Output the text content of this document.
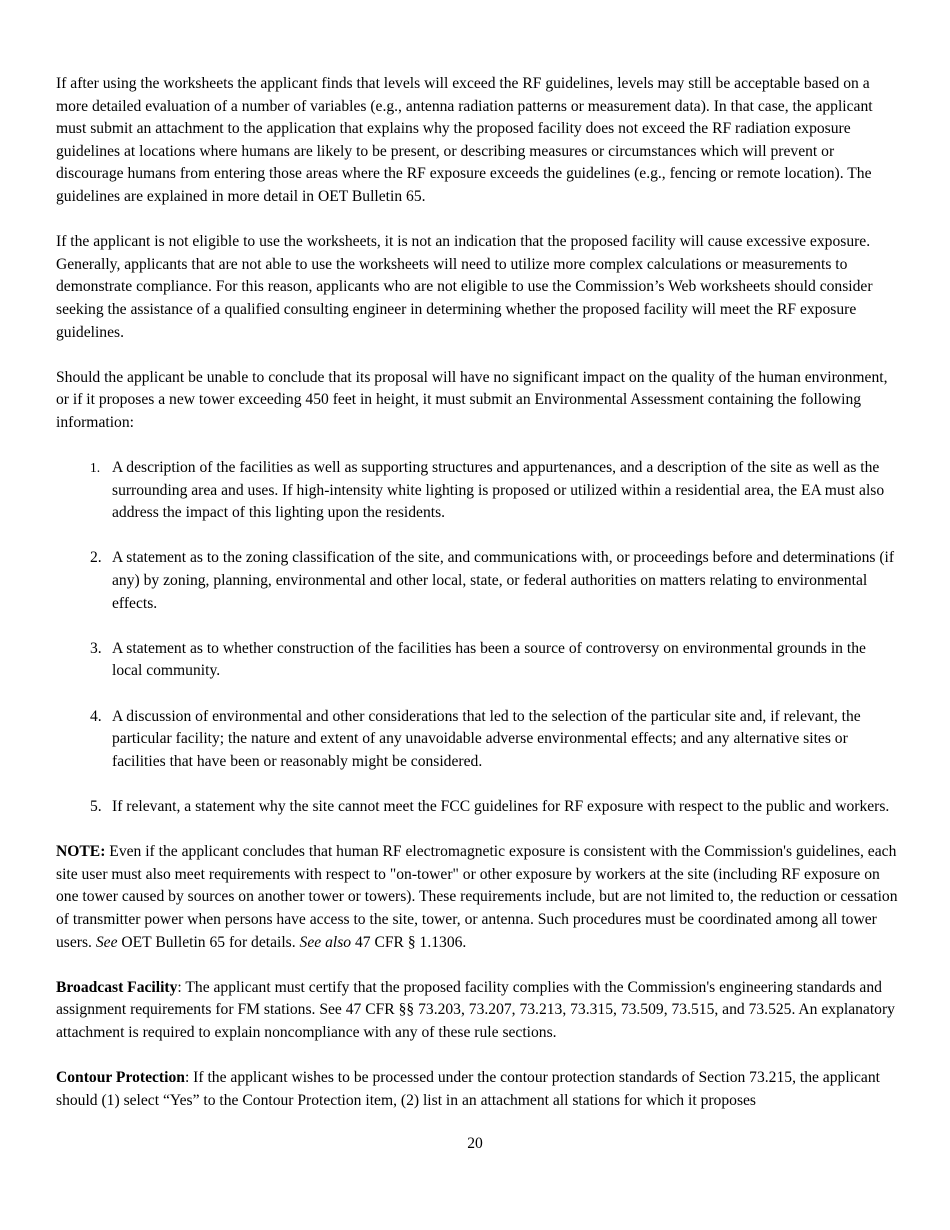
If after using the worksheets the applicant finds that levels will exceed the RF guidelines, levels may still be acceptable based on a more detailed evaluation of a number of variables (e.g., antenna radiation patterns or measurement data). In that case, the applicant must submit an attachment to the application that explains why the proposed facility does not exceed the RF radiation exposure guidelines at locations where humans are likely to be present, or describing measures or circumstances which will prevent or discourage humans from entering those areas where the RF exposure exceeds the guidelines (e.g., fencing or remote location). The guidelines are explained in more detail in OET Bulletin 65.

If the applicant is not eligible to use the worksheets, it is not an indication that the proposed facility will cause excessive exposure. Generally, applicants that are not able to use the worksheets will need to utilize more complex calculations or measurements to demonstrate compliance. For this reason, applicants who are not eligible to use the Commission’s Web worksheets should consider seeking the assistance of a qualified consulting engineer in determining whether the proposed facility will meet the RF exposure guidelines.

Should the applicant be unable to conclude that its proposal will have no significant impact on the quality of the human environment, or if it proposes a new tower exceeding 450 feet in height, it must submit an Environmental Assessment containing the following information:

1. A description of the facilities as well as supporting structures and appurtenances, and a description of the site as well as the surrounding area and uses. If high-intensity white lighting is proposed or utilized within a residential area, the EA must also address the impact of this lighting upon the residents.
2. A statement as to the zoning classification of the site, and communications with, or proceedings before and determinations (if any) by zoning, planning, environmental and other local, state, or federal authorities on matters relating to environmental effects.
3. A statement as to whether construction of the facilities has been a source of controversy on environmental grounds in the local community.
4. A discussion of environmental and other considerations that led to the selection of the particular site and, if relevant, the particular facility; the nature and extent of any unavoidable adverse environmental effects; and any alternative sites or facilities that have been or reasonably might be considered.
5. If relevant, a statement why the site cannot meet the FCC guidelines for RF exposure with respect to the public and workers.

NOTE: Even if the applicant concludes that human RF electromagnetic exposure is consistent with the Commission's guidelines, each site user must also meet requirements with respect to "on-tower" or other exposure by workers at the site (including RF exposure on one tower caused by sources on another tower or towers). These requirements include, but are not limited to, the reduction or cessation of transmitter power when persons have access to the site, tower, or antenna. Such procedures must be coordinated among all tower users. See OET Bulletin 65 for details. See also 47 CFR § 1.1306.

Broadcast Facility: The applicant must certify that the proposed facility complies with the Commission's engineering standards and assignment requirements for FM stations. See 47 CFR §§ 73.203, 73.207, 73.213, 73.315, 73.509, 73.515, and 73.525. An explanatory attachment is required to explain noncompliance with any of these rule sections.

Contour Protection: If the applicant wishes to be processed under the contour protection standards of Section 73.215, the applicant should (1) select “Yes” to the Contour Protection item, (2) list in an attachment all stations for which it proposes

20
